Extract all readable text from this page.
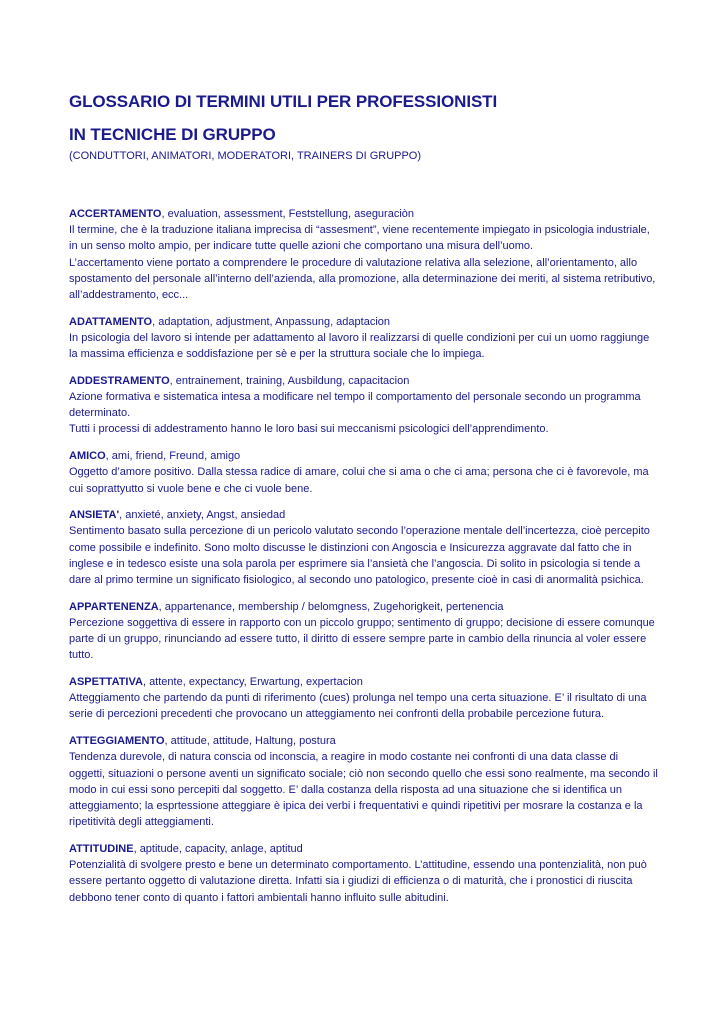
GLOSSARIO DI TERMINI UTILI PER PROFESSIONISTI
IN TECNICHE DI GRUPPO

(CONDUTTORI, ANIMATORI, MODERATORI, TRAINERS DI GRUPPO)

ACCERTAMENTO, evaluation, assessment, Feststellung, aseguraciòn
Il termine, che è la traduzione italiana imprecisa di “assesment”, viene recentemente impiegato in psicologia industriale,
in un senso molto ampio, per indicare tutte quelle azioni che comportano una misura dell’uomo.
L’accertamento viene portato a comprendere le procedure di valutazione relativa alla selezione, all’orientamento, allo
spostamento del personale all’interno dell’azienda, alla promozione, alla determinazione dei meriti, al sistema retributivo,
all’addestramento, ecc...
ADATTAMENTO, adaptation, adjustment, Anpassung, adaptacion
In psicologia del lavoro si intende per adattamento al lavoro il realizzarsi di quelle condizioni per cui un uomo raggiunge
la massima efficienza e soddisfazione per sè e per la struttura sociale che lo impiega.
ADDESTRAMENTO, entrainement, training, Ausbildung, capacitacion
Azione formativa e sistematica intesa a modificare nel tempo il comportamento del personale secondo un programma
determinato.
Tutti i processi di addestramento hanno le loro basi sui meccanismi psicologici dell’apprendimento.
AMICO, ami, friend, Freund, amigo
Oggetto d’amore positivo. Dalla stessa radice di amare, colui che si ama o che ci ama; persona che ci è favorevole, ma
cui soprattyutto si vuole bene e che ci vuole bene.
ANSIETA', anxieté, anxiety, Angst, ansiedad
Sentimento basato sulla percezione di un pericolo valutato secondo l’operazione mentale dell’incertezza, cioè percepito
come possibile e indefinito. Sono molto discusse le distinzioni con Angoscia e Insicurezza aggravate dal fatto che in
inglese e in tedesco esiste una sola parola per esprimere sia l’ansietà che l’angoscia. Di solito in psicologia si tende a
dare al primo termine un significato fisiologico, al secondo uno patologico, presente cioè in casi di anormalità psichica.
APPARTENENZA, appartenance, membership / belomgness, Zugehorigkeit, pertenencia
Percezione soggettiva di essere in rapporto con un piccolo gruppo; sentimento di gruppo; decisione di essere comunque
parte di un gruppo, rinunciando ad essere tutto, il diritto di essere sempre parte in cambio della rinuncia al voler essere
tutto.
ASPETTATIVA, attente, expectancy, Erwartung, expertacion
Atteggiamento che partendo da punti di riferimento (cues) prolunga nel tempo una certa situazione. E’ il risultato di una
serie di percezioni precedenti che provocano un atteggiamento nei confronti della probabile percezione futura.
ATTEGGIAMENTO, attitude, attitude, Haltung, postura
Tendenza durevole, di natura conscia od inconscia, a reagire in modo costante nei confronti di una data classe di
oggetti, situazioni o persone aventi un significato sociale; ciò non secondo quello che essi sono realmente, ma secondo il
modo in cui essi sono percepiti dal soggetto. E’ dalla costanza della risposta ad una situazione che si identifica un
atteggiamento; la esprtessione atteggiare è ipica dei verbi i frequentativi e quindi ripetitivi per mosrare la costanza e la
ripetitività degli atteggiamenti.
ATTITUDINE, aptitude, capacity, anlage, aptitud
Potenzialità di svolgere presto e bene un determinato comportamento. L’attitudine, essendo una pontenzialità, non può
essere pertanto oggetto di valutazione diretta. Infatti sia i giudizi di efficienza o di maturità, che i pronostici di riuscita
debbono tener conto di quanto i fattori ambientali hanno influito sulle abitudini.
